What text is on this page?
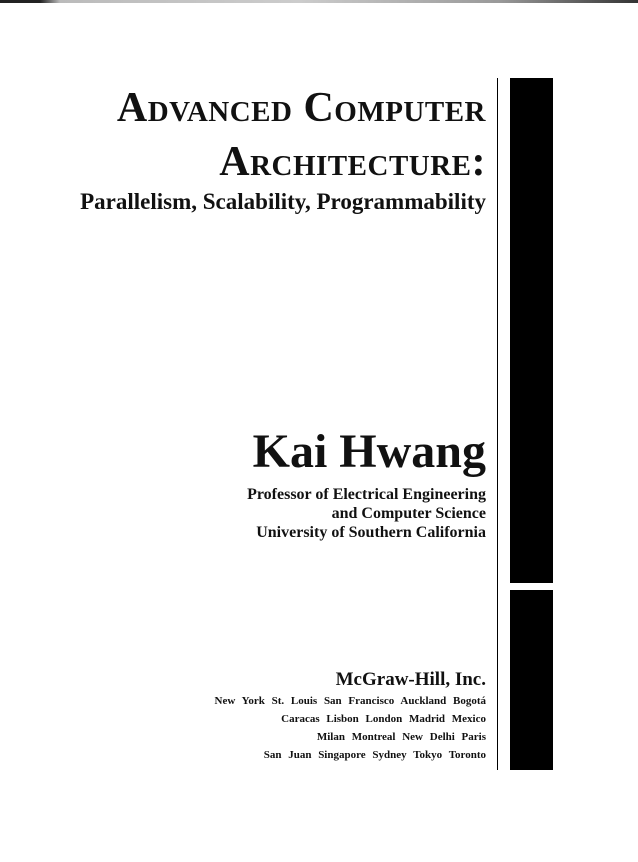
Advanced Computer
Architecture:
Parallelism, Scalability, Programmability
Kai Hwang
Professor of Electrical Engineering
and Computer Science
University of Southern California
McGraw-Hill, Inc.
New York St. Louis San Francisco Auckland Bogotá
Caracas Lisbon London Madrid Mexico
Milan Montreal New Delhi Paris
San Juan Singapore Sydney Tokyo Toronto
